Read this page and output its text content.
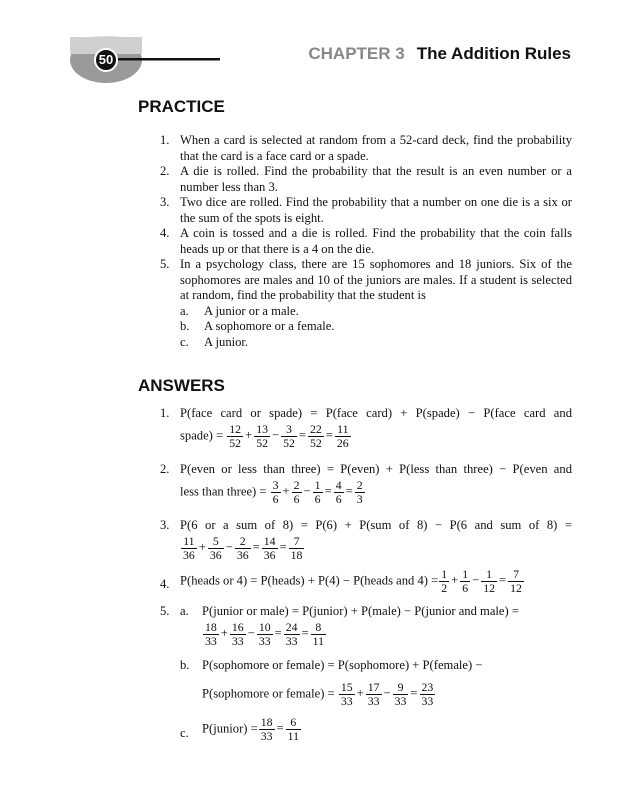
50	CHAPTER 3 The Addition Rules
PRACTICE
1. When a card is selected at random from a 52-card deck, find the probability that the card is a face card or a spade.
2. A die is rolled. Find the probability that the result is an even number or a number less than 3.
3. Two dice are rolled. Find the probability that a number on one die is a six or the sum of the spots is eight.
4. A coin is tossed and a die is rolled. Find the probability that the coin falls heads up or that there is a 4 on the die.
5. In a psychology class, there are 15 sophomores and 18 juniors. Six of the sophomores are males and 10 of the juniors are males. If a student is selected at random, find the probability that the student is
a. A junior or a male.
b. A sophomore or a female.
c. A junior.
ANSWERS
1. P(face card or spade) = P(face card) + P(spade) − P(face card and
spade) = $\frac{12}{52} + \frac{13}{52} - \frac{3}{52} = \frac{22}{52} = \frac{11}{26}$
2. P(even or less than three) = P(even) + P(less than three) − P(even and
less than three) = $\frac{3}{6} + \frac{2}{6} - \frac{1}{6} = \frac{4}{6} = \frac{2}{3}$
3. P(6 or a sum of 8) = P(6) + P(sum of 8) − P(6 and sum of 8) =
$\frac{11}{36} + \frac{5}{36} - \frac{2}{36} = \frac{14}{36} = \frac{7}{18}$
4. P(heads or 4) = P(heads) + P(4) − P(heads and $4) = \frac{1}{2} + \frac{1}{6} - \frac{1}{12} = \frac{7}{12}$
5. a. P(junior or male) = P(junior) + P(male) − P(junior and male) =
$\frac{18}{33} + \frac{16}{33} - \frac{10}{33} = \frac{24}{33} = \frac{8}{11}$
b. P(sophomore or female) = P(sophomore) + P(female) −
P(sophomore or female) = $\frac{15}{33} + \frac{17}{33} - \frac{9}{33} = \frac{23}{33}$
c. P(junior) = $\frac{18}{33} = \frac{6}{11}$
